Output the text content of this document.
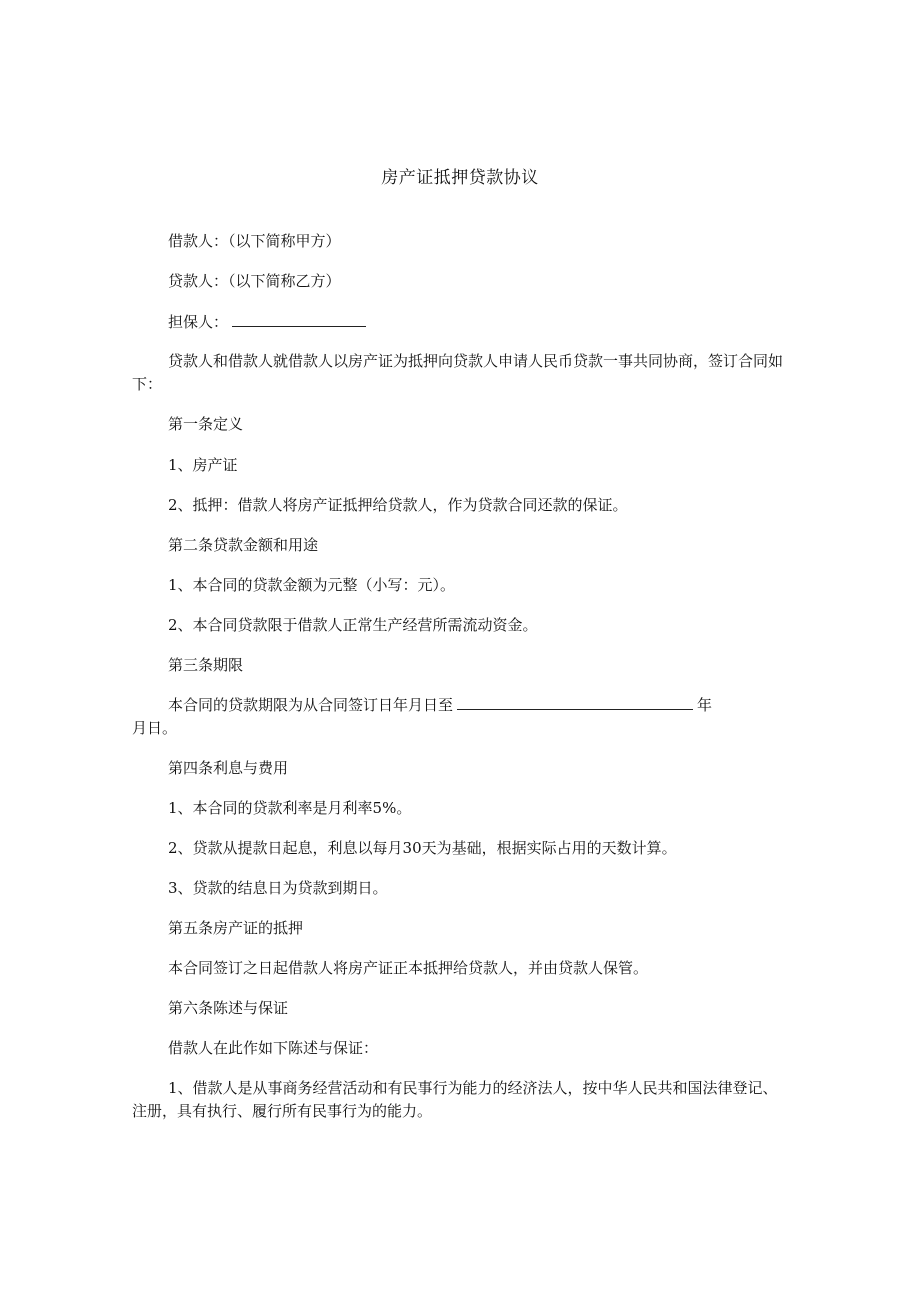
房产证抵押贷款协议
借款人：（以下简称甲方）
贷款人：（以下简称乙方）
担保人：
贷款人和借款人就借款人以房产证为抵押向贷款人申请人民币贷款一事共同协商，签订合同如下：
第一条定义
1、房产证
2、抵押：借款人将房产证抵押给贷款人，作为贷款合同还款的保证。
第二条贷款金额和用途
1、本合同的贷款金额为元整（小写：元）。
2、本合同贷款限于借款人正常生产经营所需流动资金。
第三条期限
本合同的贷款期限为从合同签订日年月日至	年
月日。
第四条利息与费用
1、本合同的贷款利率是月利率5%。
2、贷款从提款日起息，利息以每月30天为基础，根据实际占用的天数计算。
3、贷款的结息日为贷款到期日。
第五条房产证的抵押
本合同签订之日起借款人将房产证正本抵押给贷款人，并由贷款人保管。
第六条陈述与保证
借款人在此作如下陈述与保证：
1、借款人是从事商务经营活动和有民事行为能力的经济法人，按中华人民共和国法律登记、注册，具有执行、履行所有民事行为的能力。
